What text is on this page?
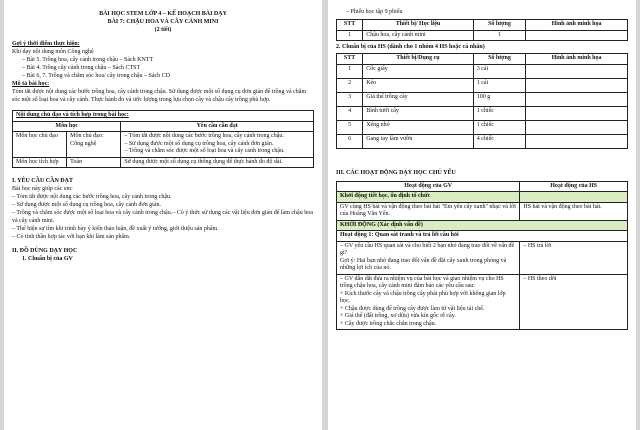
BÀI HỌC STEM LỚP 4 – KẾ HOẠCH BÀI DẠY
BÀI 7: CHẬU HOA VÀ CÂY CẢNH MINI
(2 tiết)
Gợi ý thời điểm thực hiện:
Khi dạy nội dung môn Công nghệ
– Bài 5. Trồng hoa, cây cảnh trong chậu – Sách KNTT
– Bài 4. Trồng cây cảnh trong chậu – Sách CTST
– Bài 6, 7. Trồng và chăm sóc hoa/ cây trong chậu – Sách CD
Mô tả bài học:
Tóm tắt được nội dung các bước trồng hoa, cây cảnh trong chậu. Sử dụng được một số dụng cụ đơn giản để trồng và chăm sóc một số loại hoa và cây cảnh. Thực hành đo và ước lượng trong lựa chọn cây và chậu cây trồng phù hợp.
Nội dung chủ đạo và tích hợp trong bài học:		
Môn học		Yêu cầu cần đạt
Môn học chủ đạo	Môn chủ đạo: Công nghệ	– Tóm tắt được nội dung các bước trồng hoa, cây cảnh trong chậu.
– Sử dụng được một số dụng cụ trồng hoa, cây cảnh đơn giản.
– Trồng và chăm sóc được một số loại hoa và cây cảnh trong chậu.

Môn học tích hợp	Toán	Sử dụng được một số dụng cụ thông dụng để thực hành đo độ dài.
I. YÊU CẦU CẦN ĐẠT
Bài học này giúp các em:
– Tóm tắt được nội dung các bước trồng hoa, cây cảnh trong chậu.
– Sử dụng được một số dụng cụ trồng hoa, cây cảnh đơn giản.
– Trồng và chăm sóc được một số loại hoa và cây cảnh trong chậu.– Có ý thức sử dụng các vật liệu đơn giản để làm chậu hoa và cây cảnh mini.
– Thể hiện sự tìm khi trình bày ý kiến thảo luận, đề xuất ý tưởng, giới thiệu sản phẩm.
– Có tinh thần hợp tác với bạn khi làm sản phẩm.
II. ĐỒ DÙNG DẠY HỌC
1. Chuẩn bị của GV
– Phiếu học tập 9 phiếu
STT	Thiết bị/ Học liệu	Số lượng	Hình ảnh minh họa
1	Chậu hoa, cây cảnh mini	1	
2. Chuẩn bị của HS (dành cho 1 nhóm 4 HS hoặc cá nhân)
STT	Thiết bị/Dụng cụ	Số lượng	Hình ảnh minh họa
1	Cốc giấy	3 cái	
2	Kéo	1 cái	
3	Giá thể trồng cây	100 g	
4	Bình tưới cây	1 chiếc	
5	Xẻng nhỏ	1 chiếc	
6	Gang tay làm vườn	4 chiếc	
III. CÁC HOẠT ĐỘNG DẠY HỌC CHỦ YẾU
Hoạt động của GV	Hoạt động của HS
Khởi động tiết học, ổn định tổ chức	
GV cùng HS hát và vận động theo bài hát "Em yêu cây xanh" nhạc và lời của Hoàng Văn Yến.	HS hát và vận động theo bài hát.
KHỞI ĐỘNG (Xác định vấn đề)	
Hoạt động 1: Quan sát tranh và trả lời câu hỏi	

– GV yêu cầu HS quan sát và cho biết 2 bạn nhỏ đang trao đổi về vấn đề gì?
Gợi ý: Hai bạn nhỏ đang trao đổi vấn đề đặt cây xanh trong phòng và những lợi ích của nó.	– HS trả lời

– GV dẫn dắt đưa ra nhiệm vụ của bài học và giao nhiệm vụ cho HS trồng chậu hoa, cây cảnh mini đảm bảo các yêu cầu sau:
+ Kích thước cây và chậu trồng cây phải phù hợp với không gian lớp học.
+ Chậu được dùng để trồng cây được làm từ vật liệu tái chế.
+ Giá thể (đất trồng, xơ dừa) vừa kín gốc rễ cây.
+ Cây được trồng chắc chắn trong chậu.	– HS theo dõi
